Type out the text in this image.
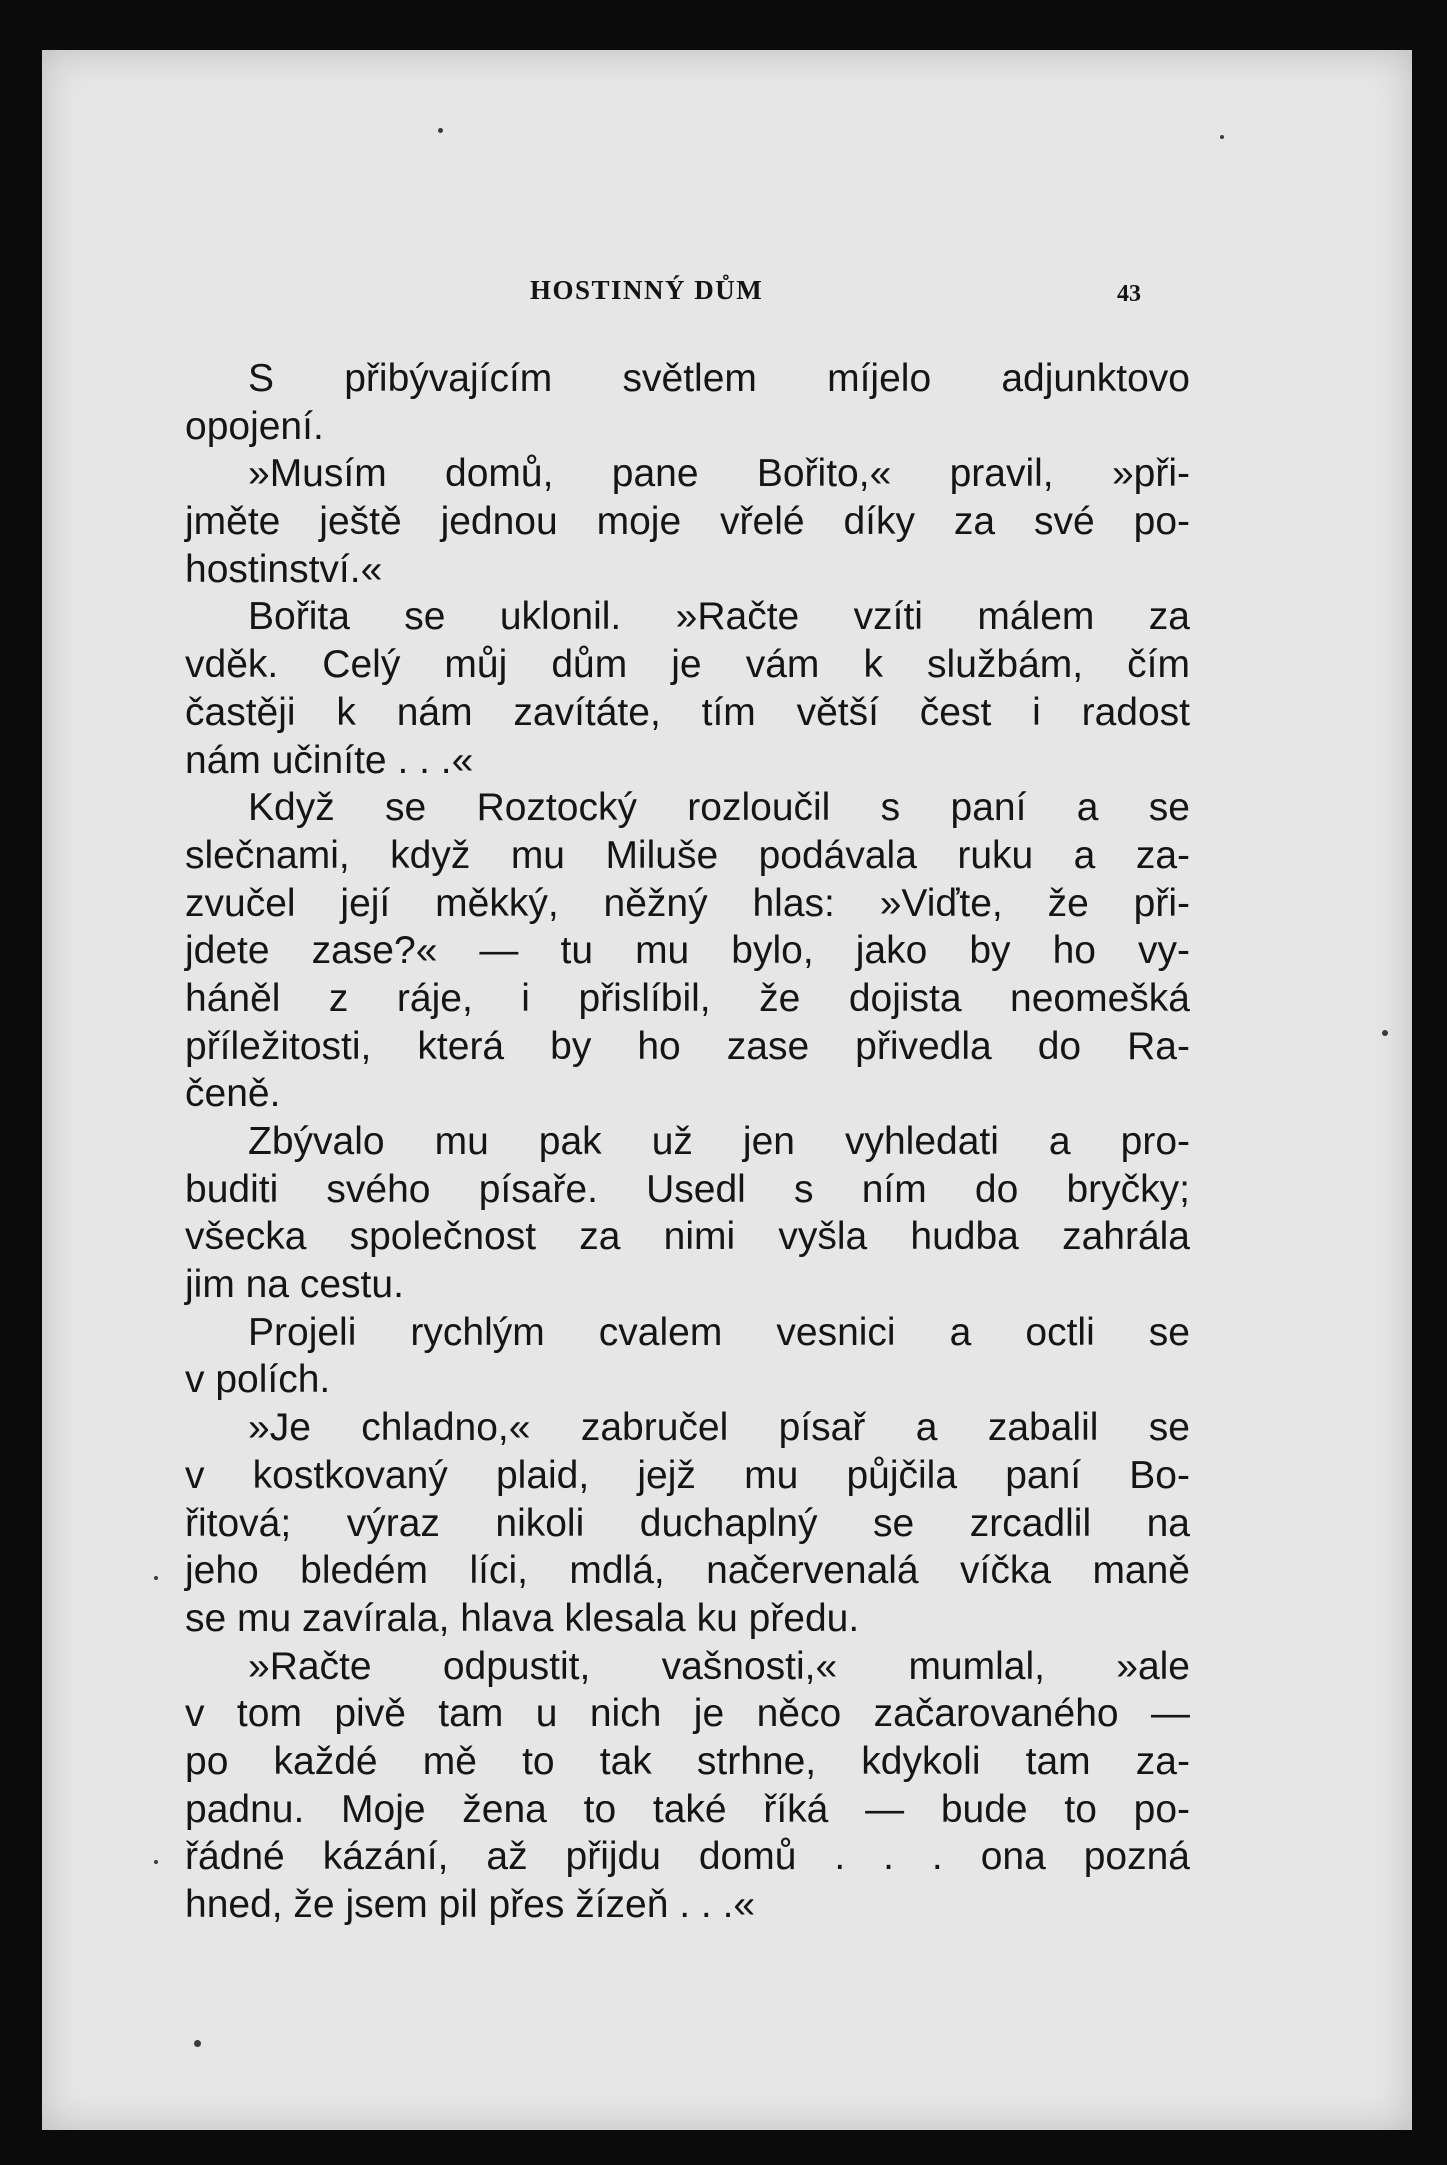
HOSTINNÝ DŮM	43
S přibývajícím světlem míjelo adjunktovo
opojení.
»Musím domů, pane Bořito,« pravil, »při-
jměte ještě jednou moje vřelé díky za své po-
hostinství.«
Bořita se uklonil. »Račte vzíti málem za
vděk. Celý můj dům je vám k službám, čím
častěji k nám zavítáte, tím větší čest i radost
nám učiníte . . .«
Když se Roztocký rozloučil s paní a se
slečnami, když mu Miluše podávala ruku a za-
zvučel její měkký, něžný hlas: »Viďte, že při-
jdete zase?« — tu mu bylo, jako by ho vy-
háněl z ráje, i přislíbil, že dojista neomešká
příležitosti, která by ho zase přivedla do Ra-
čeně.
Zbývalo mu pak už jen vyhledati a pro-
buditi svého písaře. Usedl s ním do bryčky;
všecka společnost za nimi vyšla hudba zahrála
jim na cestu.
Projeli rychlým cvalem vesnici a octli se
v polích.
»Je chladno,« zabručel písař a zabalil se
v kostkovaný plaid, jejž mu půjčila paní Bo-
řitová; výraz nikoli duchaplný se zrcadlil na
jeho bledém líci, mdlá, načervenalá víčka maně
se mu zavírala, hlava klesala ku předu.
»Račte odpustit, vašnosti,« mumlal, »ale
v tom pivě tam u nich je něco začarovaného —
po každé mě to tak strhne, kdykoli tam za-
padnu. Moje žena to také říká — bude to po-
řádné kázání, až přijdu domů . . . ona pozná
hned, že jsem pil přes žízeň . . .«
